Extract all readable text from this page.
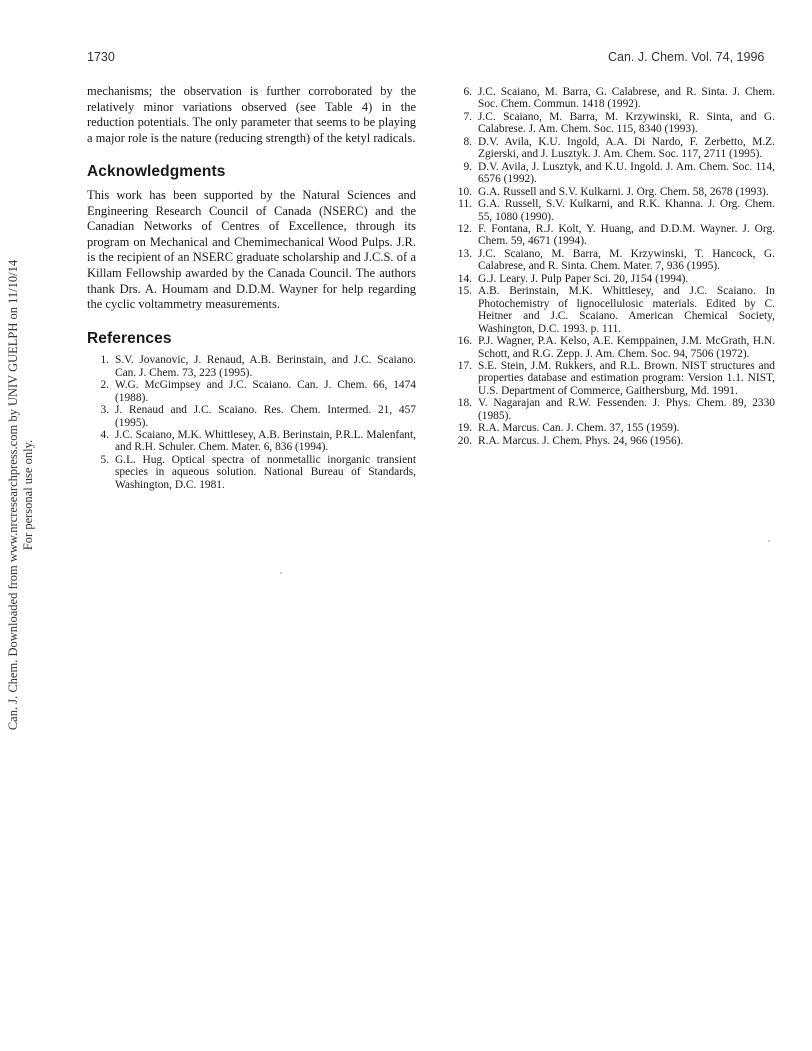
1730	Can. J. Chem. Vol. 74, 1996

mechanisms; the observation is further corroborated by the relatively minor variations observed (see Table 4) in the reduction potentials. The only parameter that seems to be playing a major role is the nature (reducing strength) of the ketyl radicals.

Acknowledgments

This work has been supported by the Natural Sciences and Engineering Research Council of Canada (NSERC) and the Canadian Networks of Centres of Excellence, through its program on Mechanical and Chemimechanical Wood Pulps. J.R. is the recipient of an NSERC graduate scholarship and J.C.S. of a Killam Fellowship awarded by the Canada Council. The authors thank Drs. A. Houmam and D.D.M. Wayner for help regarding the cyclic voltammetry measurements.

References
1. S.V. Jovanovic, J. Renaud, A.B. Berinstain, and J.C. Scaiano. Can. J. Chem. 73, 223 (1995).
2. W.G. McGimpsey and J.C. Scaiano. Can. J. Chem. 66, 1474 (1988).
3. J. Renaud and J.C. Scaiano. Res. Chem. Intermed. 21, 457 (1995).
4. J.C. Scaiano, M.K. Whittlesey, A.B. Berinstain, P.R.L. Malenfant, and R.H. Schuler. Chem. Mater. 6, 836 (1994).
5. G.L. Hug. Optical spectra of nonmetallic inorganic transient species in aqueous solution. National Bureau of Standards, Washington, D.C. 1981.
6. J.C. Scaiano, M. Barra, G. Calabrese, and R. Sinta. J. Chem. Soc. Chem. Commun. 1418 (1992).
7. J.C. Scaiano, M. Barra, M. Krzywinski, R. Sinta, and G. Calabrese. J. Am. Chem. Soc. 115, 8340 (1993).
8. D.V. Avila, K.U. Ingold, A.A. Di Nardo, F. Zerbetto, M.Z. Zgierski, and J. Lusztyk. J. Am. Chem. Soc. 117, 2711 (1995).
9. D.V. Avila, J. Lusztyk, and K.U. Ingold. J. Am. Chem. Soc. 114, 6576 (1992).
10. G.A. Russell and S.V. Kulkarni. J. Org. Chem. 58, 2678 (1993).
11. G.A. Russell, S.V. Kulkarni, and R.K. Khanna. J. Org. Chem. 55, 1080 (1990).
12. F. Fontana, R.J. Kolt, Y. Huang, and D.D.M. Wayner. J. Org. Chem. 59, 4671 (1994).
13. J.C. Scaiano, M. Barra, M. Krzywinski, T. Hancock, G. Calabrese, and R. Sinta. Chem. Mater. 7, 936 (1995).
14. G.J. Leary. J. Pulp Paper Sci. 20, J154 (1994).
15. A.B. Berinstain, M.K. Whittlesey, and J.C. Scaiano. In Photochemistry of lignocellulosic materials. Edited by C. Heitner and J.C. Scaiano. American Chemical Society, Washington, D.C. 1993. p. 111.
16. P.J. Wagner, P.A. Kelso, A.E. Kemppainen, J.M. McGrath, H.N. Schott, and R.G. Zepp. J. Am. Chem. Soc. 94, 7506 (1972).
17. S.E. Stein, J.M. Rukkers, and R.L. Brown. NIST structures and properties database and estimation program: Version 1.1. NIST, U.S. Department of Commerce, Gaithersburg, Md. 1991.
18. V. Nagarajan and R.W. Fessenden. J. Phys. Chem. 89, 2330 (1985).
19. R.A. Marcus. Can. J. Chem. 37, 155 (1959).
20. R.A. Marcus. J. Chem. Phys. 24, 966 (1956).
Can. J. Chem. Downloaded from www.nrcresearchpress.com by UNIV GUELPH on 11/10/14 For personal use only.
